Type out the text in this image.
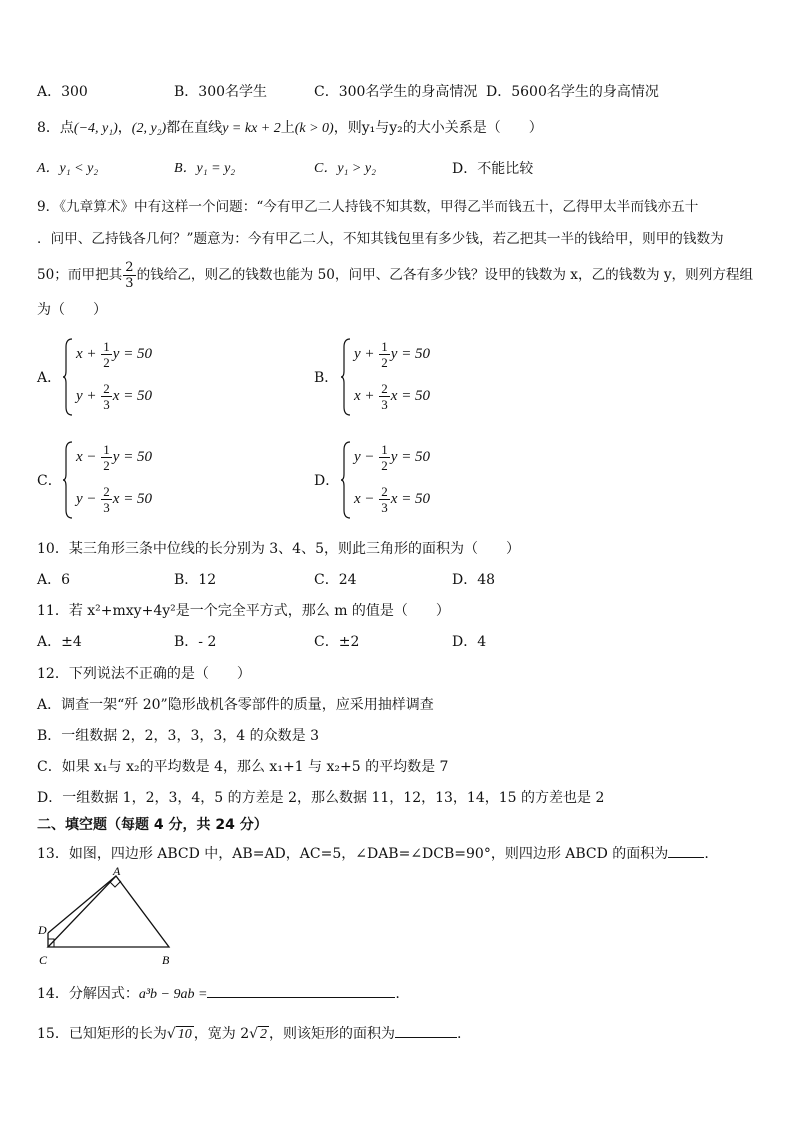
A．300	B．300名学生	C．300名学生的身高情况 D．5600名学生的身高情况
8．点(−4, y₁)，(2, y₂)都在直线y = kx + 2上(k > 0)，则y₁与y₂的大小关系是（　　）
A．y₁ < y₂	B．y₁ = y₂	C．y₁ > y₂	D．不能比较
9．《九章算术》中有这样一个问题：“今有甲乙二人持钱不知其数，甲得乙半而钱五十，乙得甲太半而钱亦五十
．问甲、乙持钱各几何？”题意为：今有甲乙二人，不知其钱包里有多少钱，若乙把其一半的钱给甲，则甲的钱数为
50；而甲把其 $\frac{2}{3}$ 的钱给乙，则乙的钱数也能为 50，问甲、乙各有多少钱？设甲的钱数为 x，乙的钱数为 y，则列方程组
为（　　）
A．
$x + \frac{1}{2}$ y = 50
$y + \frac{2}{3}$ x = 50
B．
$y + \frac{1}{2}$ y = 50
$x + \frac{2}{3}$ x = 50
C．
$x - \frac{1}{2}$ y = 50
$y - \frac{2}{3}$ x = 50
D．
$y - \frac{1}{2}$ y = 50
$x - \frac{2}{3}$ x = 50
10．某三角形三条中位线的长分别为 3、4、5，则此三角形的面积为（　　）
A．6	B．12	C．24	D．48
11．若 x²+mxy+4y²是一个完全平方式，那么 m 的值是（　　）
A．±4	B．- 2	C．±2	D．4
12．下列说法不正确的是（　　）
A．调查一架“歼 20”隐形战机各零部件的质量，应采用抽样调查
B．一组数据 2，2，3，3，3，4 的众数是 3
C．如果 x₁与 x₂的平均数是 4，那么 x₁+1 与 x₂+5 的平均数是 7
D．一组数据 1，2，3，4，5 的方差是 2，那么数据 11，12，13，14，15 的方差也是 2
二、填空题（每题 4 分，共 24 分）
13．如图，四边形 ABCD 中，AB=AD，AC=5，∠DAB=∠DCB=90°，则四边形 ABCD 的面积为	.
A
D
C	B
14．分解因式：a³b − 9ab =	.
15．已知矩形的长为√ 10 ，宽为 2√ 2 ，则该矩形的面积为	.
